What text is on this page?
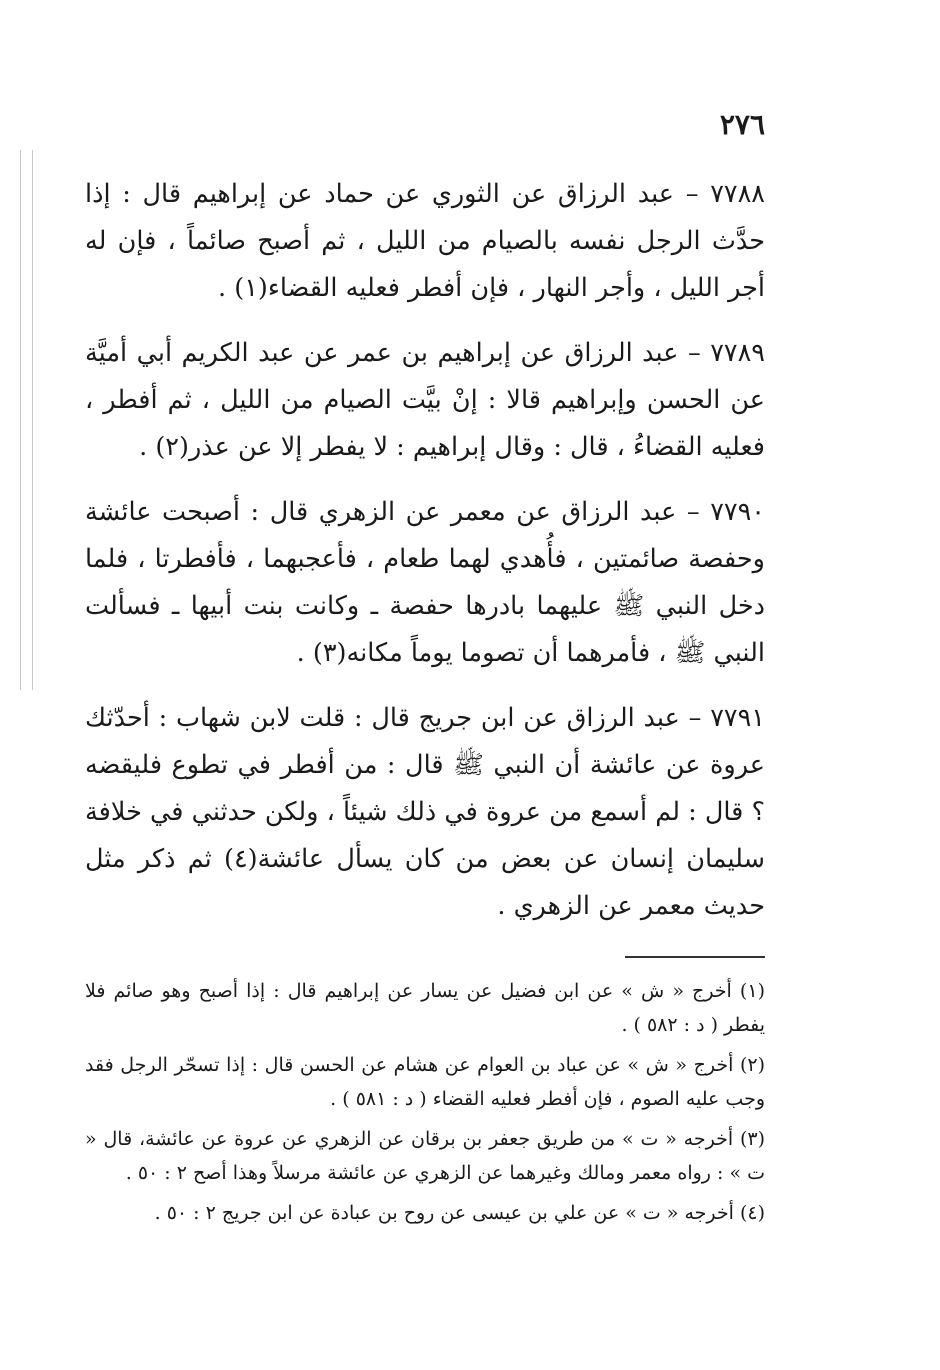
٢٧٦

٧٧٨٨ – عبد الرزاق عن الثوري عن حماد عن إبراهيم قال : إذا حدَّث الرجل نفسه بالصيام من الليل ، ثم أصبح صائماً ، فإن له أجر الليل ، وأجر النهار ، فإن أفطر فعليه القضاء(١) .

٧٧٨٩ – عبد الرزاق عن إبراهيم بن عمر عن عبد الكريم أبي أميَّة عن الحسن وإبراهيم قالا : إنْ بيَّت الصيام من الليل ، ثم أفطر ، فعليه القضاءُ ، قال : وقال إبراهيم : لا يفطر إلا عن عذر(٢) .

٧٧٩٠ – عبد الرزاق عن معمر عن الزهري قال : أصبحت عائشة وحفصة صائمتين ، فأُهدي لهما طعام ، فأعجبهما ، فأفطرتا ، فلما دخل النبي ﷺ عليهما بادرها حفصة ـ وكانت بنت أبيها ـ فسألت النبي ﷺ ، فأمرهما أن تصوما يوماً مكانه(٣) .

٧٧٩١ – عبد الرزاق عن ابن جريج قال : قلت لابن شهاب : أحدّثك عروة عن عائشة أن النبي ﷺ قال : من أفطر في تطوع فليقضه ؟ قال : لم أسمع من عروة في ذلك شيئاً ، ولكن حدثني في خلافة سليمان إنسان عن بعض من كان يسأل عائشة(٤) ثم ذكر مثل حديث معمر عن الزهري .

(١) أخرج « ش » عن ابن فضيل عن يسار عن إبراهيم قال : إذا أصبح وهو صائم فلا يفطر ( د : ٥٨٢ ) .

(٢) أخرج « ش » عن عباد بن العوام عن هشام عن الحسن قال : إذا تسحّر الرجل فقد وجب عليه الصوم ، فإن أفطر فعليه القضاء ( د : ٥٨١ ) .

(٣) أخرجه « ت » من طريق جعفر بن برقان عن الزهري عن عروة عن عائشة، قال « ت » : رواه معمر ومالك وغيرهما عن الزهري عن عائشة مرسلاً وهذا أصح ٢ : ٥٠ .

(٤) أخرجه « ت » عن علي بن عيسى عن روح بن عبادة عن ابن جريج ٢ : ٥٠ .
